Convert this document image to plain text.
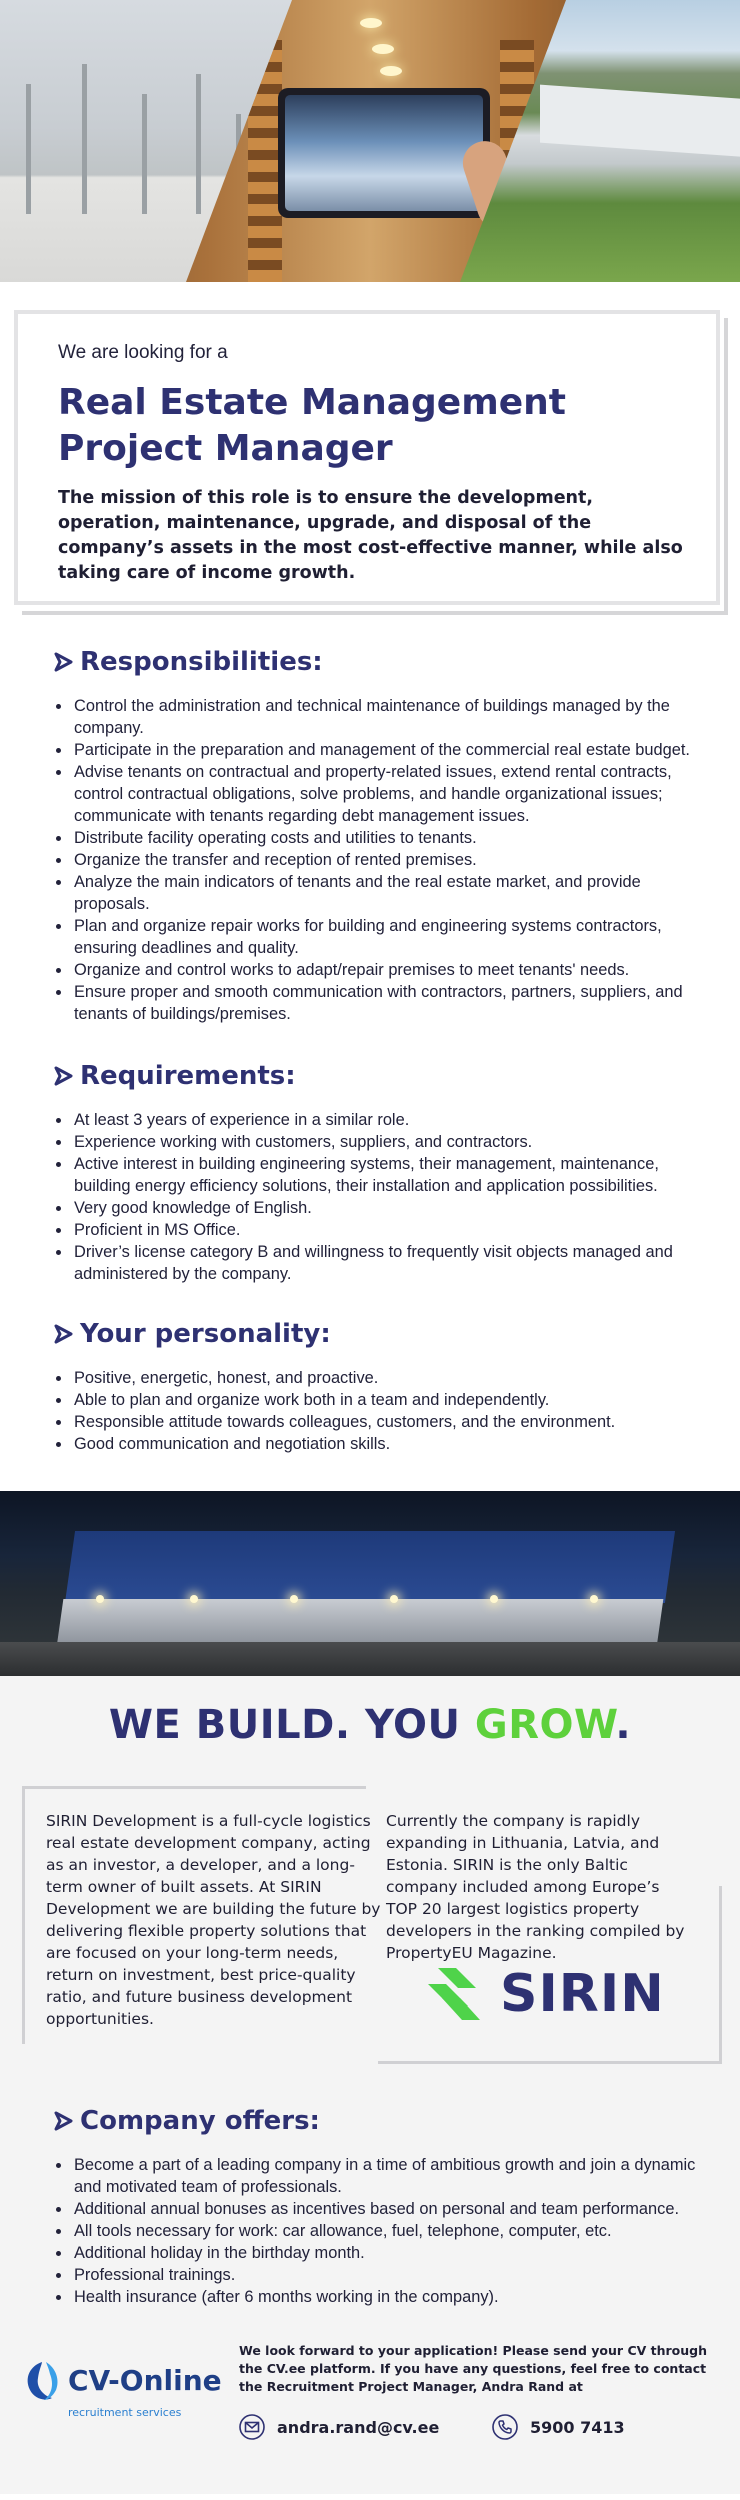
We are looking for a
Real Estate Management Project Manager
The mission of this role is to ensure the development, operation, maintenance, upgrade, and disposal of the company’s assets in the most cost-effective manner, while also taking care of income growth.
Responsibilities:
Control the administration and technical maintenance of buildings managed by the company.
Participate in the preparation and management of the commercial real estate budget.
Advise tenants on contractual and property-related issues, extend rental contracts, control contractual obligations, solve problems, and handle organizational issues; communicate with tenants regarding debt management issues.
Distribute facility operating costs and utilities to tenants.
Organize the transfer and reception of rented premises.
Analyze the main indicators of tenants and the real estate market, and provide proposals.
Plan and organize repair works for building and engineering systems contractors, ensuring deadlines and quality.
Organize and control works to adapt/repair premises to meet tenants' needs.
Ensure proper and smooth communication with contractors, partners, suppliers, and tenants of buildings/premises.
Requirements:
At least 3 years of experience in a similar role.
Experience working with customers, suppliers, and contractors.
Active interest in building engineering systems, their management, maintenance, building energy efficiency solutions, their installation and application possibilities.
Very good knowledge of English.
Proficient in MS Office.
Driver’s license category B and willingness to frequently visit objects managed and administered by the company.
Your personality:
Positive, energetic, honest, and proactive.
Able to plan and organize work both in a team and independently.
Responsible attitude towards colleagues, customers, and the environment.
Good communication and negotiation skills.
WE BUILD. YOU GROW.
SIRIN Development is a full-cycle logistics real estate development company, acting as an investor, a developer, and a long-term owner of built assets. At SIRIN Development we are building the future by delivering flexible property solutions that are focused on your long-term needs, return on investment, best price-quality ratio, and future business development opportunities.
Currently the company is rapidly expanding in Lithuania, Latvia, and Estonia. SIRIN is the only Baltic company included among Europe’s TOP 20 largest logistics property developers in the ranking compiled by PropertyEU Magazine.
SIRIN
Company offers:
Become a part of a leading company in a time of ambitious growth and join a dynamic and motivated team of professionals.
Additional annual bonuses as incentives based on personal and team performance.
All tools necessary for work: car allowance, fuel, telephone, computer, etc.
Additional holiday in the birthday month.
Professional trainings.
Health insurance (after 6 months working in the company).
CV-Online
recruitment services
We look forward to your application! Please send your CV through the CV.ee platform. If you have any questions, feel free to contact the Recruitment Project Manager, Andra Rand at
andra.rand@cv.ee	5900 7413
